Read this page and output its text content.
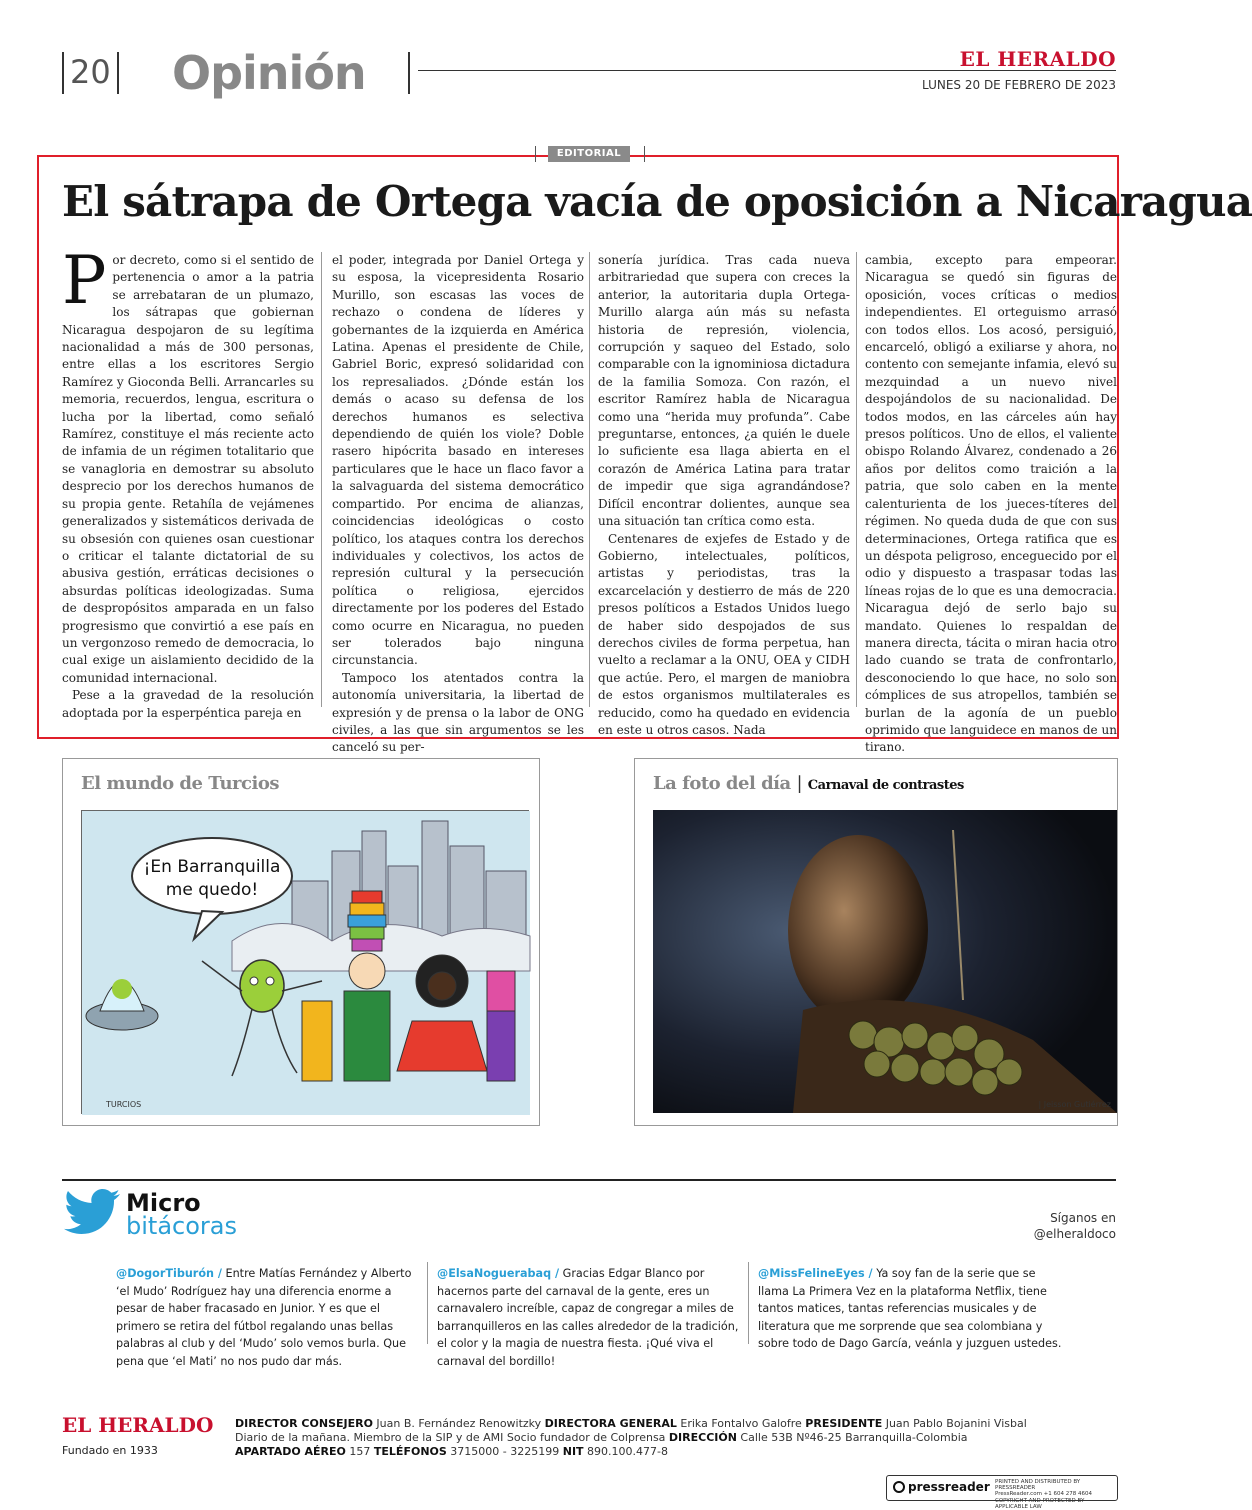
20 Opinión	EL HERALDO
LUNES 20 DE FEBRERO DE 2023
EDITORIAL
El sátrapa de Ortega vacía de oposición a Nicaragua

Por decreto, como si el sentido de pertenencia o amor a la patria se arrebataran de un plumazo, los sátrapas que gobiernan Nicaragua despojaron de su legítima nacionalidad a más de 300 personas, entre ellas a los escritores Sergio Ramírez y Gioconda Belli. Arrancarles su memoria, recuerdos, lengua, escritura o lucha por la libertad, como señaló Ramírez, constituye el más reciente acto de infamia de un régimen totalitario que se vanagloria en demostrar su absoluto desprecio por los derechos humanos de su propia gente. Retahíla de vejámenes generalizados y sistemáticos derivada de su obsesión con quienes osan cuestionar o criticar el talante dictatorial de su abusiva gestión, erráticas decisiones o absurdas políticas ideologizadas. Suma de despropósitos amparada en un falso progresismo que convirtió a ese país en un vergonzoso remedo de democracia, lo cual exige un aislamiento decidido de la comunidad internacional.

Pese a la gravedad de la resolución adoptada por la esperpéntica pareja en

el poder, integrada por Daniel Ortega y su esposa, la vicepresidenta Rosario Murillo, son escasas las voces de rechazo o condena de líderes y gobernantes de la izquierda en América Latina. Apenas el presidente de Chile, Gabriel Boric, expresó solidaridad con los represaliados. ¿Dónde están los demás o acaso su defensa de los derechos humanos es selectiva dependiendo de quién los viole? Doble rasero hipócrita basado en intereses particulares que le hace un flaco favor a la salvaguarda del sistema democrático compartido. Por encima de alianzas, coincidencias ideológicas o costo político, los ataques contra los derechos individuales y colectivos, los actos de represión cultural y la persecución política o religiosa, ejercidos directamente por los poderes del Estado como ocurre en Nicaragua, no pueden ser tolerados bajo ninguna circunstancia.

Tampoco los atentados contra la autonomía universitaria, la libertad de expresión y de prensa o la labor de ONG civiles, a las que sin argumentos se les canceló su per-

sonería jurídica. Tras cada nueva arbitrariedad que supera con creces la anterior, la autoritaria dupla Ortega-Murillo alarga aún más su nefasta historia de represión, violencia, corrupción y saqueo del Estado, solo comparable con la ignominiosa dictadura de la familia Somoza. Con razón, el escritor Ramírez habla de Nicaragua como una “herida muy profunda”. Cabe preguntarse, entonces, ¿a quién le duele lo suficiente esa llaga abierta en el corazón de América Latina para tratar de impedir que siga agrandándose? Difícil encontrar dolientes, aunque sea una situación tan crítica como esta.

Centenares de exjefes de Estado y de Gobierno, intelectuales, políticos, artistas y periodistas, tras la excarcelación y destierro de más de 220 presos políticos a Estados Unidos luego de haber sido despojados de sus derechos civiles de forma perpetua, han vuelto a reclamar a la ONU, OEA y CIDH que actúe. Pero, el margen de maniobra de estos organismos multilaterales es reducido, como ha quedado en evidencia en este u otros casos. Nada

cambia, excepto para empeorar. Nicaragua se quedó sin figuras de oposición, voces críticas o medios independientes. El orteguismo arrasó con todos ellos. Los acosó, persiguió, encarceló, obligó a exiliarse y ahora, no contento con semejante infamia, elevó su mezquindad a un nuevo nivel despojándolos de su nacionalidad. De todos modos, en las cárceles aún hay presos políticos. Uno de ellos, el valiente obispo Rolando Álvarez, condenado a 26 años por delitos como traición a la patria, que solo caben en la mente calenturienta de los jueces-títeres del régimen. No queda duda de que con sus determinaciones, Ortega ratifica que es un déspota peligroso, enceguecido por el odio y dispuesto a traspasar todas las líneas rojas de lo que es una democracia. Nicaragua dejó de serlo bajo su mandato. Quienes lo respaldan de manera directa, tácita o miran hacia otro lado cuando se trata de confrontarlo, desconociendo lo que hace, no solo son cómplices de sus atropellos, también se burlan de la agonía de un pueblo oprimido que languidece en manos de un tirano.

El mundo de Turcios
¡En Barranquilla
me quedo!
TURCIOS
La foto del día | Carnaval de contrastes
| Jeisson Gutiérrez
Micro
bitácoras	Síganos en
@elheraldoco
@DogorTiburón / Entre Matías Fernández y Alberto ‘el Mudo’ Rodríguez hay una diferencia enorme a pesar de haber fracasado en Junior. Y es que el primero se retira del fútbol regalando unas bellas palabras al club y del ‘Mudo’ solo vemos burla. Que pena que ‘el Mati’ no nos pudo dar más.
@ElsaNoguerabaq / Gracias Edgar Blanco por hacernos parte del carnaval de la gente, eres un carnavalero increíble, capaz de congregar a miles de barranquilleros en las calles alrededor de la tradición, el color y la magia de nuestra fiesta. ¡Qué viva el carnaval del bordillo!
@MissFelineEyes / Ya soy fan de la serie que se llama La Primera Vez en la plataforma Netflix, tiene tantos matices, tantas referencias musicales y de literatura que me sorprende que sea colombiana y sobre todo de Dago García, veánla y juzguen ustedes.
EL HERALDO
Fundado en 1933
DIRECTOR CONSEJERO Juan B. Fernández Renowitzky DIRECTORA GENERAL Erika Fontalvo Galofre PRESIDENTE Juan Pablo Bojanini Visbal
Diario de la mañana. Miembro de la SIP y de AMI Socio fundador de Colprensa DIRECCIÓN Calle 53B Nº46-25 Barranquilla-Colombia
APARTADO AÉREO 157 TELÉFONOS 3715000 - 3225199 NIT 890.100.477-8
pressreader PRINTED AND DISTRIBUTED BY PRESSREADER
PressReader.com +1 604 278 4604
COPYRIGHT AND PROTECTED BY APPLICABLE LAW
